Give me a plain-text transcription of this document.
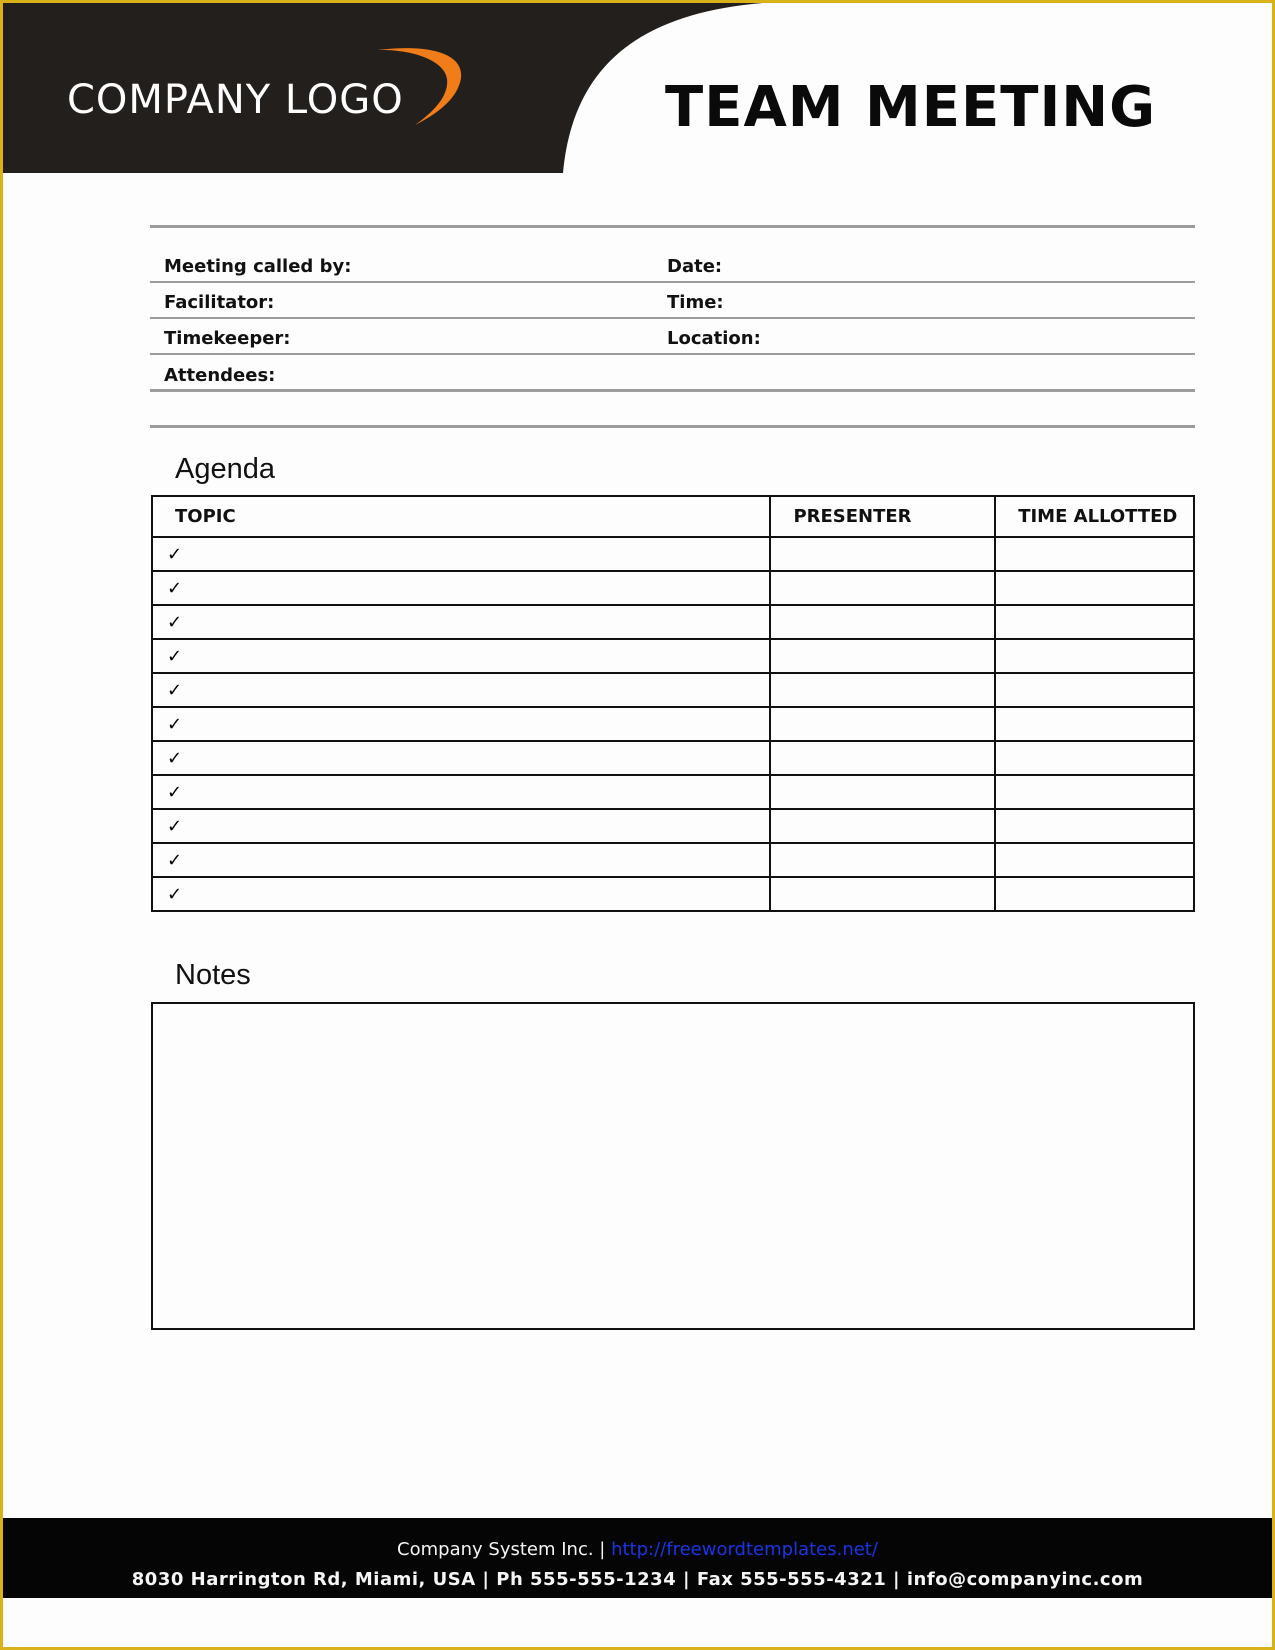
COMPANY LOGO	TEAM MEETING
Meeting called by:	Date:
Facilitator:	Time:
Timekeeper:	Location:
Attendees:
Agenda
TOPIC	PRESENTER	TIME ALLOTTED
✓		
✓		
✓		
✓		
✓		
✓		
✓		
✓		
✓		
✓		
✓		
Notes
Company System Inc. | http://freewordtemplates.net/
8030 Harrington Rd, Miami, USA | Ph 555-555-1234 | Fax 555-555-4321 | info@companyinc.com
